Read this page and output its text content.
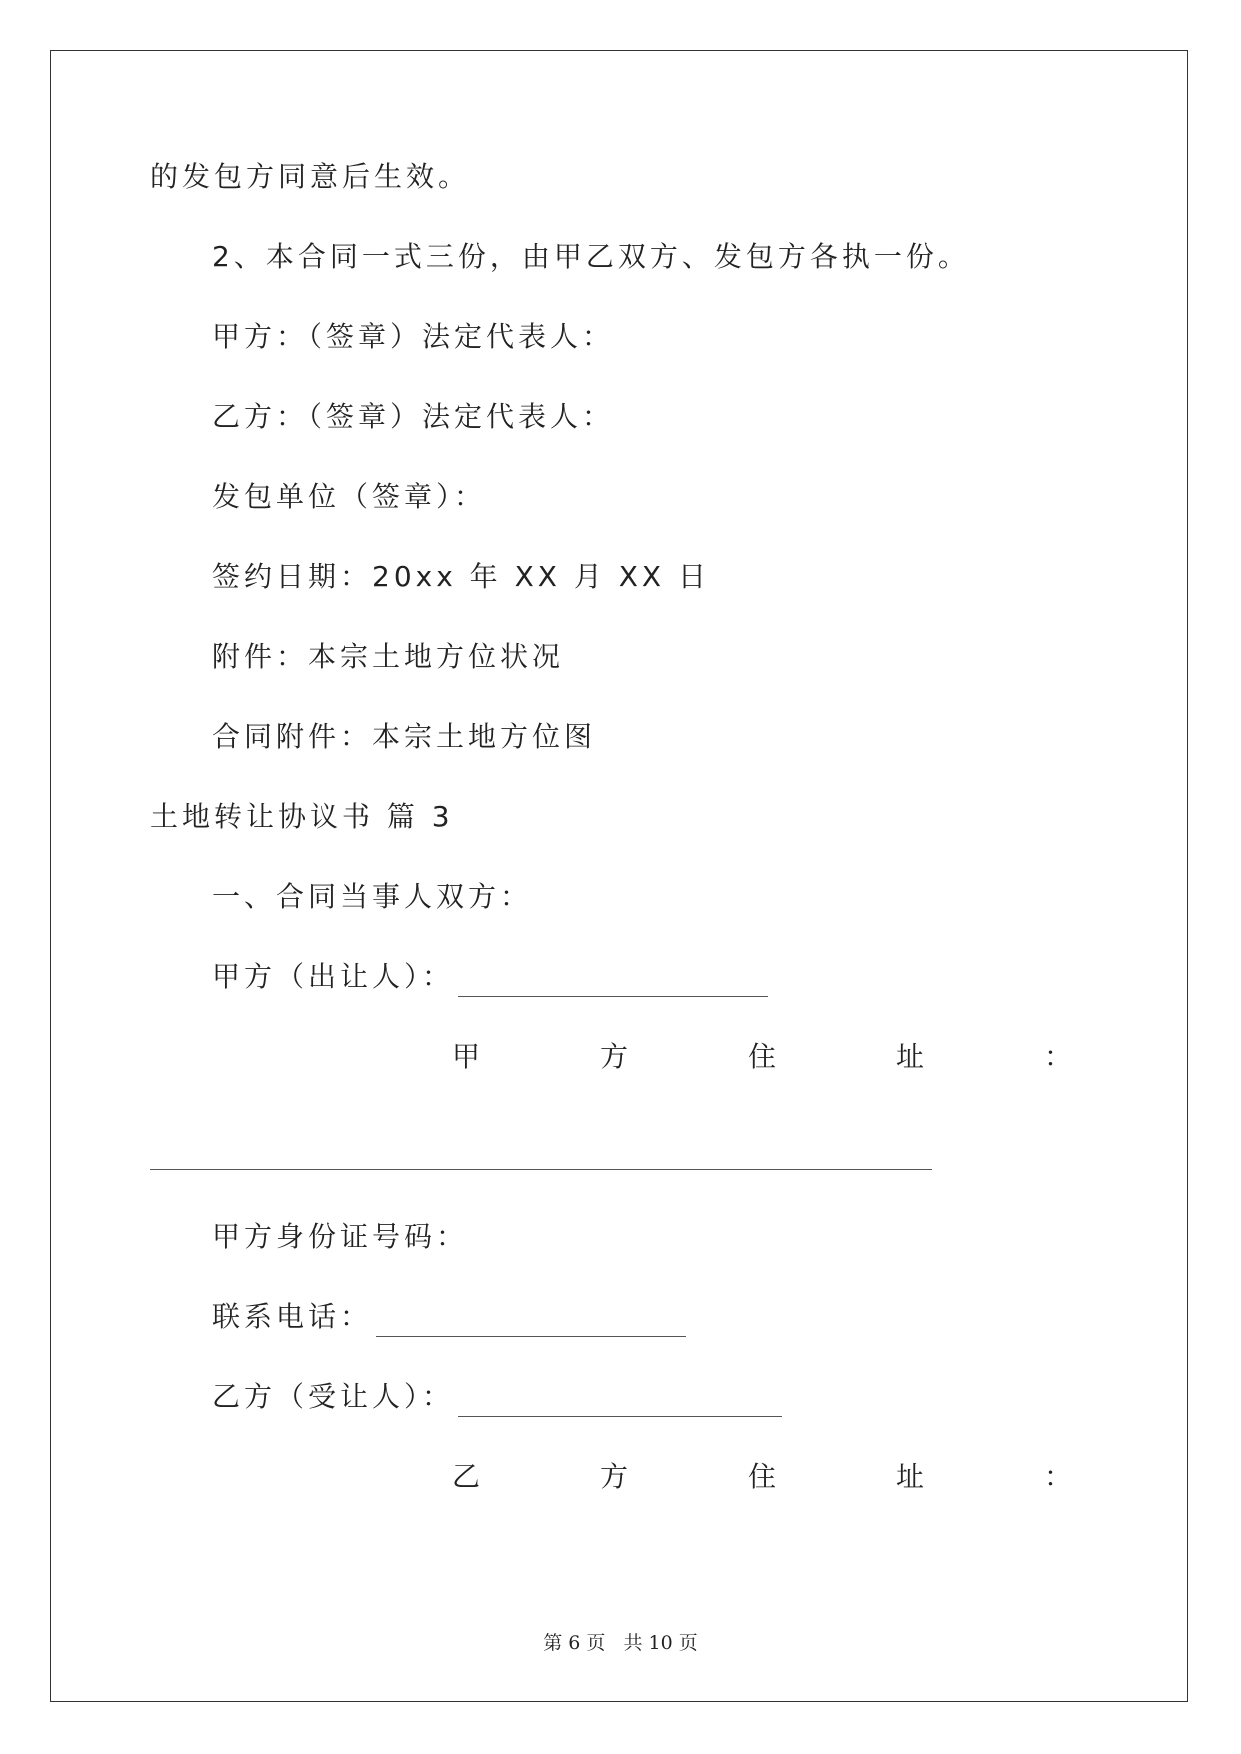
的发包方同意后生效。
2、本合同一式三份，由甲乙双方、发包方各执一份。
甲方：（签章）法定代表人：
乙方：（签章）法定代表人：
发包单位（签章）：
签约日期：20xx 年 XX 月 XX 日
附件：本宗土地方位状况
合同附件：本宗土地方位图
土地转让协议书 篇 3
一、合同当事人双方：
甲方（出让人）：
甲	方	住	址	：
甲方身份证号码：
联系电话：
乙方（受让人）：
乙	方	住	址	：
第 6 页 共 10 页
